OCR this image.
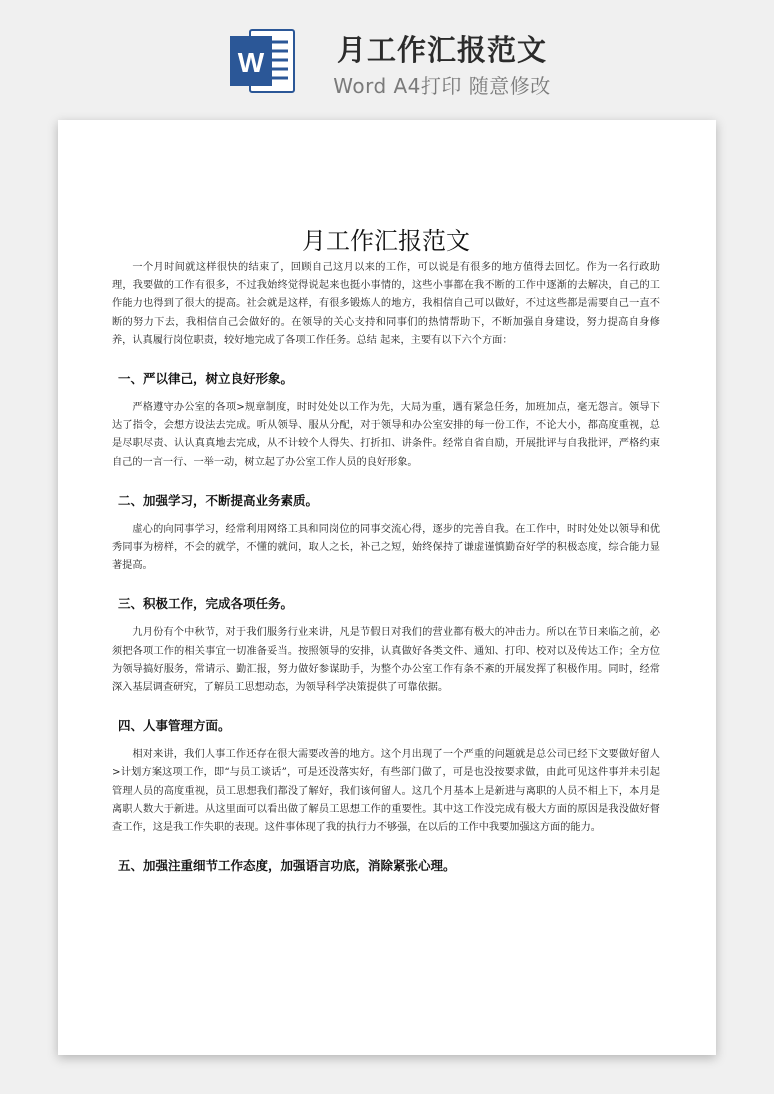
W	月工作汇报范文
Word A4打印 随意修改
月工作汇报范文

一个月时间就这样很快的结束了，回顾自己这月以来的工作，可以说是有很多的地方值得去回忆。作为一名行政助理，我要做的工作有很多，不过我始终觉得说起来也挺小事情的，这些小事都在我不断的工作中逐渐的去解决，自己的工作能力也得到了很大的提高。社会就是这样，有很多锻炼人的地方，我相信自己可以做好，不过这些都是需要自己一直不断的努力下去，我相信自己会做好的。在领导的关心支持和同事们的热情帮助下，不断加强自身建设，努力提高自身修养，认真履行岗位职责，较好地完成了各项工作任务。总结 起来，主要有以下六个方面：

一、严以律己，树立良好形象。

严格遵守办公室的各项>规章制度，时时处处以工作为先，大局为重，遇有紧急任务，加班加点，毫无怨言。领导下达了指令，会想方设法去完成。听从领导、服从分配，对于领导和办公室安排的每一份工作，不论大小，都高度重视，总是尽职尽责、认认真真地去完成，从不计较个人得失、打折扣、讲条件。经常自省自励，开展批评与自我批评，严格约束自己的一言一行、一举一动，树立起了办公室工作人员的良好形象。

二、加强学习，不断提高业务素质。

虚心的向同事学习，经常利用网络工具和同岗位的同事交流心得，逐步的完善自我。在工作中，时时处处以领导和优秀同事为榜样，不会的就学，不懂的就问，取人之长，补己之短，始终保持了谦虚谨慎勤奋好学的积极态度，综合能力显著提高。

三、积极工作，完成各项任务。

九月份有个中秋节，对于我们服务行业来讲，凡是节假日对我们的营业都有极大的冲击力。所以在节日来临之前，必须把各项工作的相关事宜一切准备妥当。按照领导的安排，认真做好各类文件、通知、打印、校对以及传达工作；全方位为领导搞好服务，常请示、勤汇报，努力做好参谋助手，为整个办公室工作有条不紊的开展发挥了积极作用。同时，经常深入基层调查研究，了解员工思想动态，为领导科学决策提供了可靠依据。

四、人事管理方面。

相对来讲，我们人事工作还存在很大需要改善的地方。这个月出现了一个严重的问题就是总公司已经下文要做好留人>计划方案这项工作，即“与员工谈话”，可是还没落实好，有些部门做了，可是也没按要求做，由此可见这件事并未引起管理人员的高度重视，员工思想我们都没了解好，我们该何留人。这几个月基本上是新进与离职的人员不相上下，本月是离职人数大于新进。从这里面可以看出做了解员工思想工作的重要性。其中这工作没完成有极大方面的原因是我没做好督查工作，这是我工作失职的表现。这件事体现了我的执行力不够强，在以后的工作中我要加强这方面的能力。

五、加强注重细节工作态度，加强语言功底，消除紧张心理。
